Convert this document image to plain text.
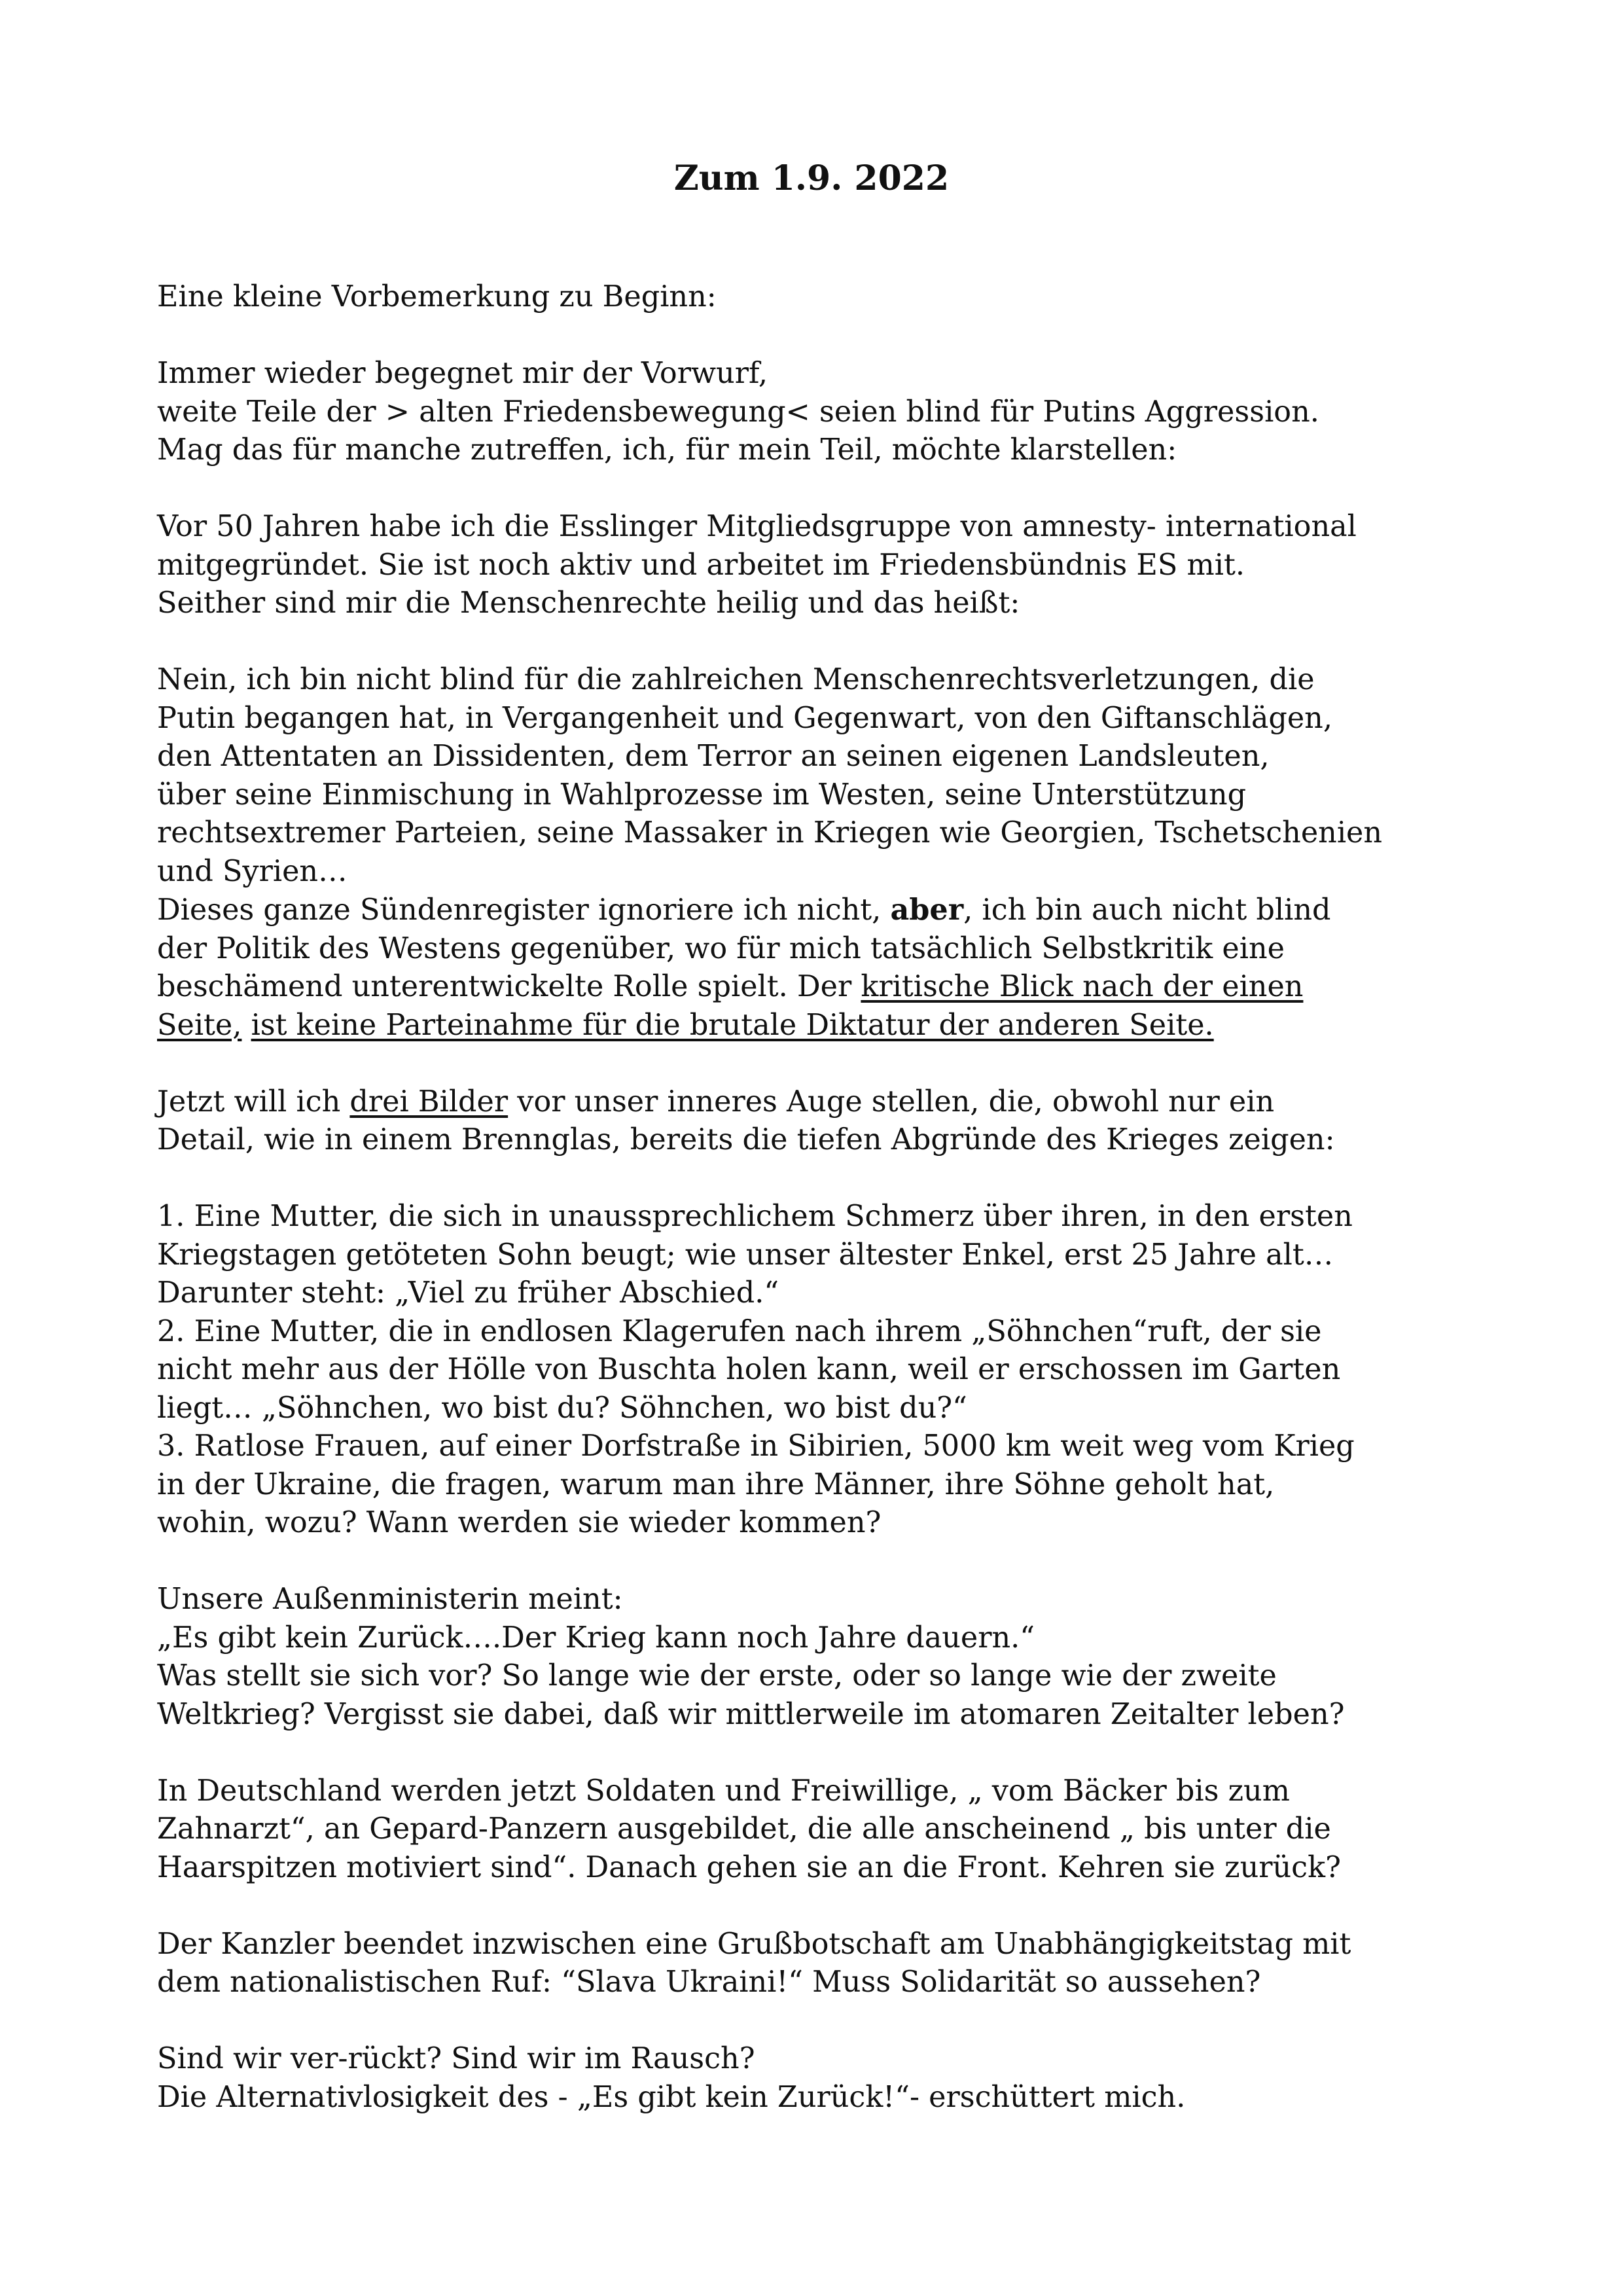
Zum 1.9. 2022

Eine kleine Vorbemerkung zu Beginn:

Immer wieder begegnet mir der Vorwurf,
weite Teile der > alten Friedensbewegung< seien blind für Putins Aggression.
Mag das für manche zutreffen, ich, für mein Teil, möchte klarstellen:

Vor 50 Jahren habe ich die Esslinger Mitgliedsgruppe von amnesty- international
mitgegründet. Sie ist noch aktiv und arbeitet im Friedensbündnis ES mit.
Seither sind mir die Menschenrechte heilig und das heißt:

Nein, ich bin nicht blind für die zahlreichen Menschenrechtsverletzungen, die
Putin begangen hat, in Vergangenheit und Gegenwart, von den Giftanschlägen,
den Attentaten an Dissidenten, dem Terror an seinen eigenen Landsleuten,
über seine Einmischung in Wahlprozesse im Westen, seine Unterstützung
rechtsextremer Parteien, seine Massaker in Kriegen wie Georgien, Tschetschenien
und Syrien…
Dieses ganze Sündenregister ignoriere ich nicht, aber, ich bin auch nicht blind
der Politik des Westens gegenüber, wo für mich tatsächlich Selbstkritik eine
beschämend unterentwickelte Rolle spielt. Der kritische Blick nach der einen
Seite, ist keine Parteinahme für die brutale Diktatur der anderen Seite.

Jetzt will ich drei Bilder vor unser inneres Auge stellen, die, obwohl nur ein
Detail, wie in einem Brennglas, bereits die tiefen Abgründe des Krieges zeigen:

1. Eine Mutter, die sich in unaussprechlichem Schmerz über ihren, in den ersten
Kriegstagen getöteten Sohn beugt; wie unser ältester Enkel, erst 25 Jahre alt…
Darunter steht: „Viel zu früher Abschied.“
2. Eine Mutter, die in endlosen Klagerufen nach ihrem „Söhnchen“ruft, der sie
nicht mehr aus der Hölle von Buschta holen kann, weil er erschossen im Garten
liegt… „Söhnchen, wo bist du? Söhnchen, wo bist du?“
3. Ratlose Frauen, auf einer Dorfstraße in Sibirien, 5000 km weit weg vom Krieg
in der Ukraine, die fragen, warum man ihre Männer, ihre Söhne geholt hat,
wohin, wozu? Wann werden sie wieder kommen?

Unsere Außenministerin meint:
„Es gibt kein Zurück….Der Krieg kann noch Jahre dauern.“
Was stellt sie sich vor? So lange wie der erste, oder so lange wie der zweite
Weltkrieg? Vergisst sie dabei, daß wir mittlerweile im atomaren Zeitalter leben?

In Deutschland werden jetzt Soldaten und Freiwillige, „ vom Bäcker bis zum
Zahnarzt“, an Gepard-Panzern ausgebildet, die alle anscheinend „ bis unter die
Haarspitzen motiviert sind“. Danach gehen sie an die Front. Kehren sie zurück?

Der Kanzler beendet inzwischen eine Grußbotschaft am Unabhängigkeitstag mit
dem nationalistischen Ruf: “Slava Ukraini!“ Muss Solidarität so aussehen?

Sind wir ver-rückt? Sind wir im Rausch?
Die Alternativlosigkeit des - „Es gibt kein Zurück!“- erschüttert mich.
